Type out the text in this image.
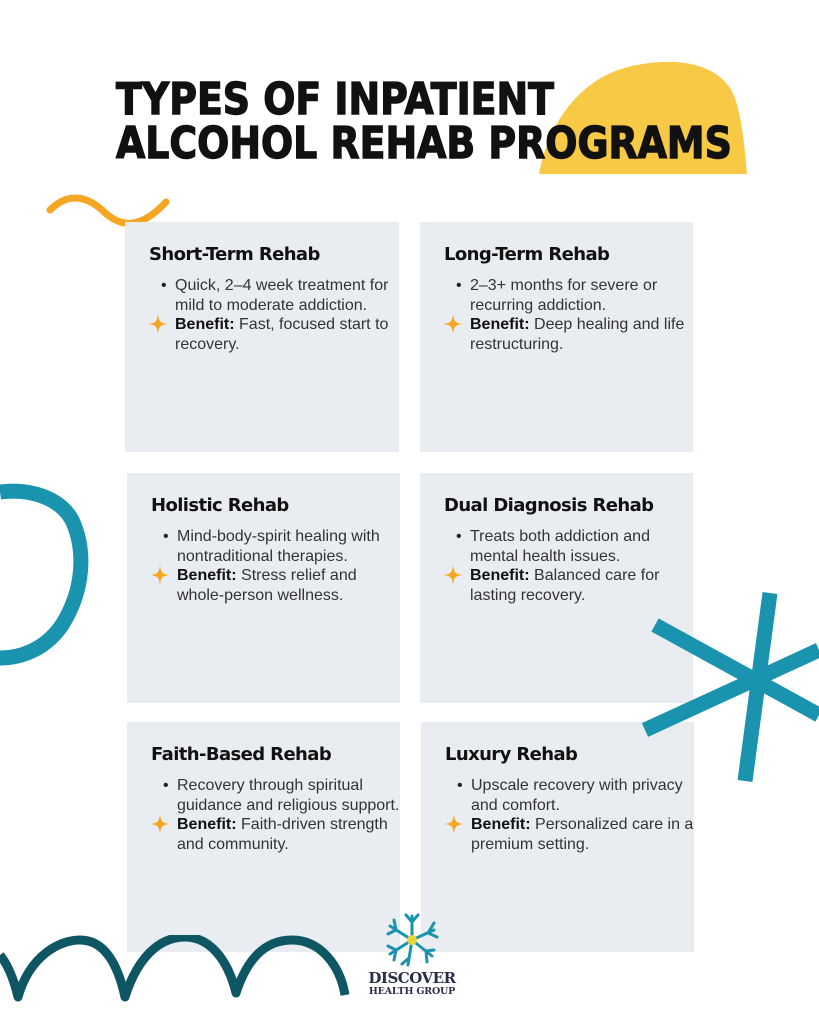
TYPES OF INPATIENT
ALCOHOL REHAB PROGRAMS
Short-Term Rehab
• Quick, 2–4 week treatment for mild to moderate addiction.
Benefit: Fast, focused start to recovery.
Long-Term Rehab
• 2–3+ months for severe or recurring addiction.
Benefit: Deep healing and life restructuring.
Holistic Rehab
• Mind-body-spirit healing with nontraditional therapies.
Benefit: Stress relief and whole-person wellness.
Dual Diagnosis Rehab
• Treats both addiction and mental health issues.
Benefit: Balanced care for lasting recovery.
Faith-Based Rehab
• Recovery through spiritual guidance and religious support.
Benefit: Faith-driven strength and community.
Luxury Rehab
• Upscale recovery with privacy and comfort.
Benefit: Personalized care in a premium setting.
DISCOVER
HEALTH GROUP
